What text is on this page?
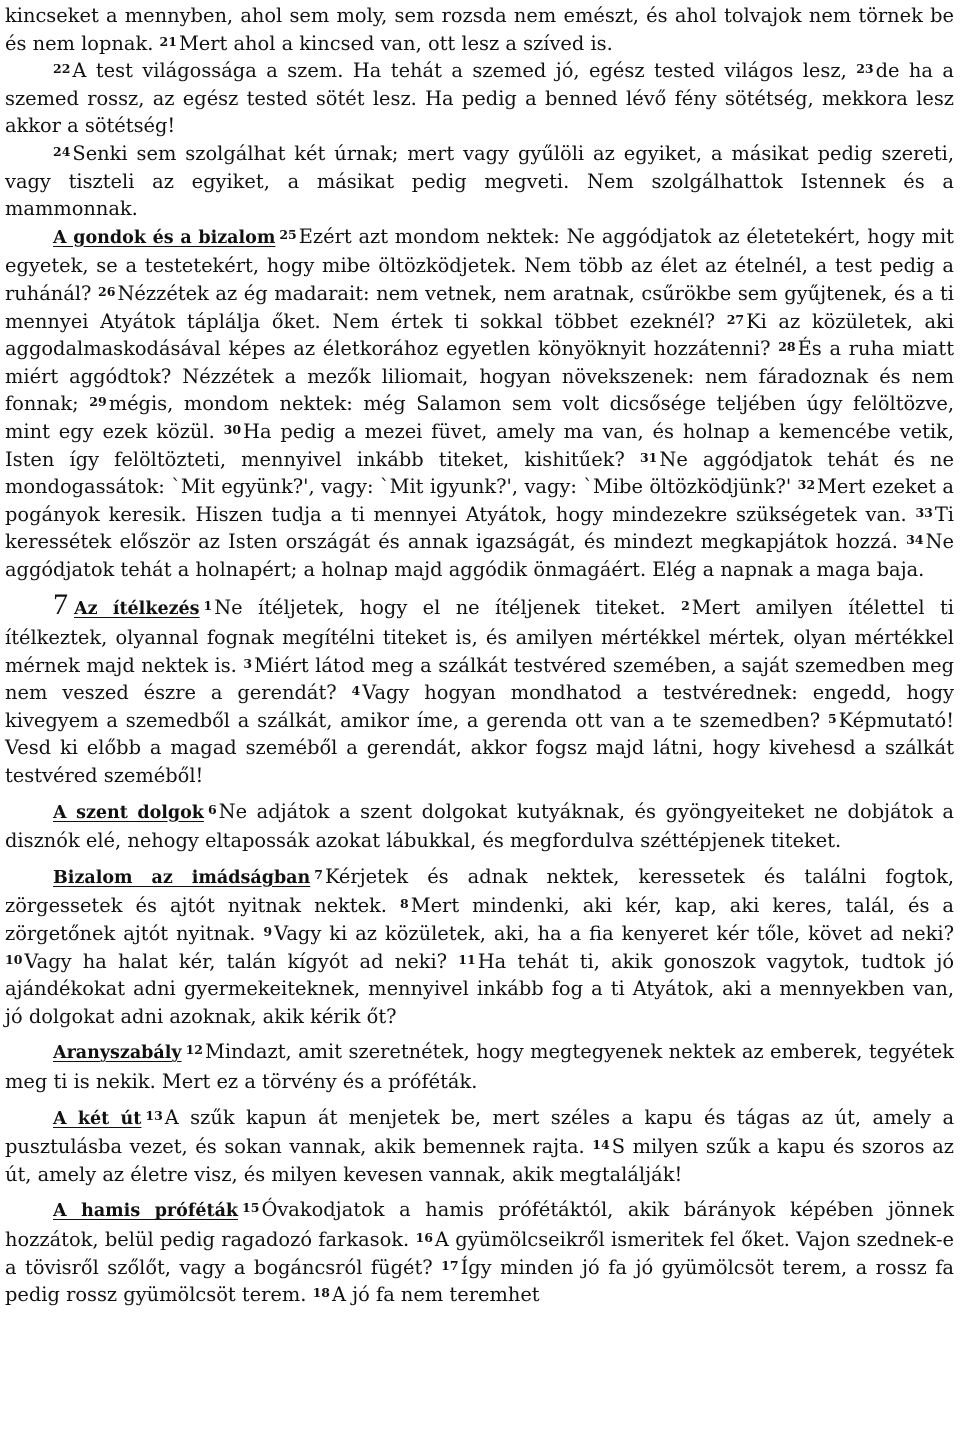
kincseket a mennyben, ahol sem moly, sem rozsda nem emészt, és ahol tolvajok nem törnek be és nem lopnak. $^{21}$ Mert ahol a kincsed van, ott lesz a szíved is.

$^{22}$ A test világossága a szem. Ha tehát a szemed jó, egész tested világos lesz, $^{23}$ de ha a szemed rossz, az egész tested sötét lesz. Ha pedig a benned lévő fény sötétség, mekkora lesz akkor a sötétség!

$^{24}$ Senki sem szolgálhat két úrnak; mert vagy gyűlöli az egyiket, a másikat pedig szereti, vagy tiszteli az egyiket, a másikat pedig megveti. Nem szolgálhattok Istennek és a mammonnak.

A gondok és a bizalom $^{25}$ Ezért azt mondom nektek: Ne aggódjatok az életetekért, hogy mit egyetek, se a testetekért, hogy mibe öltözködjetek. Nem több az élet az ételnél, a test pedig a ruhánál? $^{26}$ Nézzétek az ég madarait: nem vetnek, nem aratnak, csűrökbe sem gyűjtenek, és a ti mennyei Atyátok táplálja őket. Nem értek ti sokkal többet ezeknél? $^{27}$ Ki az közületek, aki aggodalmaskodásával képes az életkorához egyetlen könyöknyit hozzátenni? $^{28}$ És a ruha miatt miért aggódtok? Nézzétek a mezők liliomait, hogyan növekszenek: nem fáradoznak és nem fonnak; $^{29}$ mégis, mondom nektek: még Salamon sem volt dicsősége teljében úgy felöltözve, mint egy ezek közül. $^{30}$ Ha pedig a mezei füvet, amely ma van, és holnap a kemencébe vetik, Isten így felöltözteti, mennyivel inkább titeket, kishitűek? $^{31}$ Ne aggódjatok tehát és ne mondogassátok: `Mit együnk?', vagy: `Mit igyunk?', vagy: `Mibe öltözködjünk?' $^{32}$ Mert ezeket a pogányok keresik. Hiszen tudja a ti mennyei Atyátok, hogy mindezekre szükségetek van. $^{33}$ Ti keressétek először az Isten országát és annak igazságát, és mindezt megkapjátok hozzá. $^{34}$ Ne aggódjatok tehát a holnapért; a holnap majd aggódik önmagáért. Elég a napnak a maga baja.

7 Az ítélkezés $^1$ Ne ítéljetek, hogy el ne ítéljenek titeket. $^2$ Mert amilyen ítélettel ti ítélkeztek, olyannal fognak megítélni titeket is, és amilyen mértékkel mértek, olyan mértékkel mérnek majd nektek is. $^3$ Miért látod meg a szálkát testvéred szemében, a saját szemedben meg nem veszed észre a gerendát? $^4$ Vagy hogyan mondhatod a testvérednek: engedd, hogy kivegyem a szemedből a szálkát, amikor íme, a gerenda ott van a te szemedben? $^5$ Képmutató! Vesd ki előbb a magad szeméből a gerendát, akkor fogsz majd látni, hogy kivehesd a szálkát testvéred szeméből!

A szent dolgok $^6$ Ne adjátok a szent dolgokat kutyáknak, és gyöngyeiteket ne dobjátok a disznók elé, nehogy eltapossák azokat lábukkal, és megfordulva széttépjenek titeket.

Bizalom az imádságban $^7$ Kérjetek és adnak nektek, keressetek és találni fogtok, zörgessetek és ajtót nyitnak nektek. $^8$ Mert mindenki, aki kér, kap, aki keres, talál, és a zörgetőnek ajtót nyitnak. $^9$ Vagy ki az közületek, aki, ha a fia kenyeret kér tőle, követ ad neki? $^{10}$ Vagy ha halat kér, talán kígyót ad neki? $^{11}$ Ha tehát ti, akik gonoszok vagytok, tudtok jó ajándékokat adni gyermekeiteknek, mennyivel inkább fog a ti Atyátok, aki a mennyekben van, jó dolgokat adni azoknak, akik kérik őt?

Aranyszabály $^{12}$ Mindazt, amit szeretnétek, hogy megtegyenek nektek az emberek, tegyétek meg ti is nekik. Mert ez a törvény és a próféták.

A két út $^{13}$ A szűk kapun át menjetek be, mert széles a kapu és tágas az út, amely a pusztulásba vezet, és sokan vannak, akik bemennek rajta. $^{14}$ S milyen szűk a kapu és szoros az út, amely az életre visz, és milyen kevesen vannak, akik megtalálják!

A hamis próféták $^{15}$ Óvakodjatok a hamis prófétáktól, akik bárányok képében jönnek hozzátok, belül pedig ragadozó farkasok. $^{16}$ A gyümölcseikről ismeritek fel őket. Vajon szednek-e a tövisről szőlőt, vagy a bogáncsról fügét? $^{17}$ Így minden jó fa jó gyümölcsöt terem, a rossz fa pedig rossz gyümölcsöt terem. $^{18}$ A jó fa nem teremhet
